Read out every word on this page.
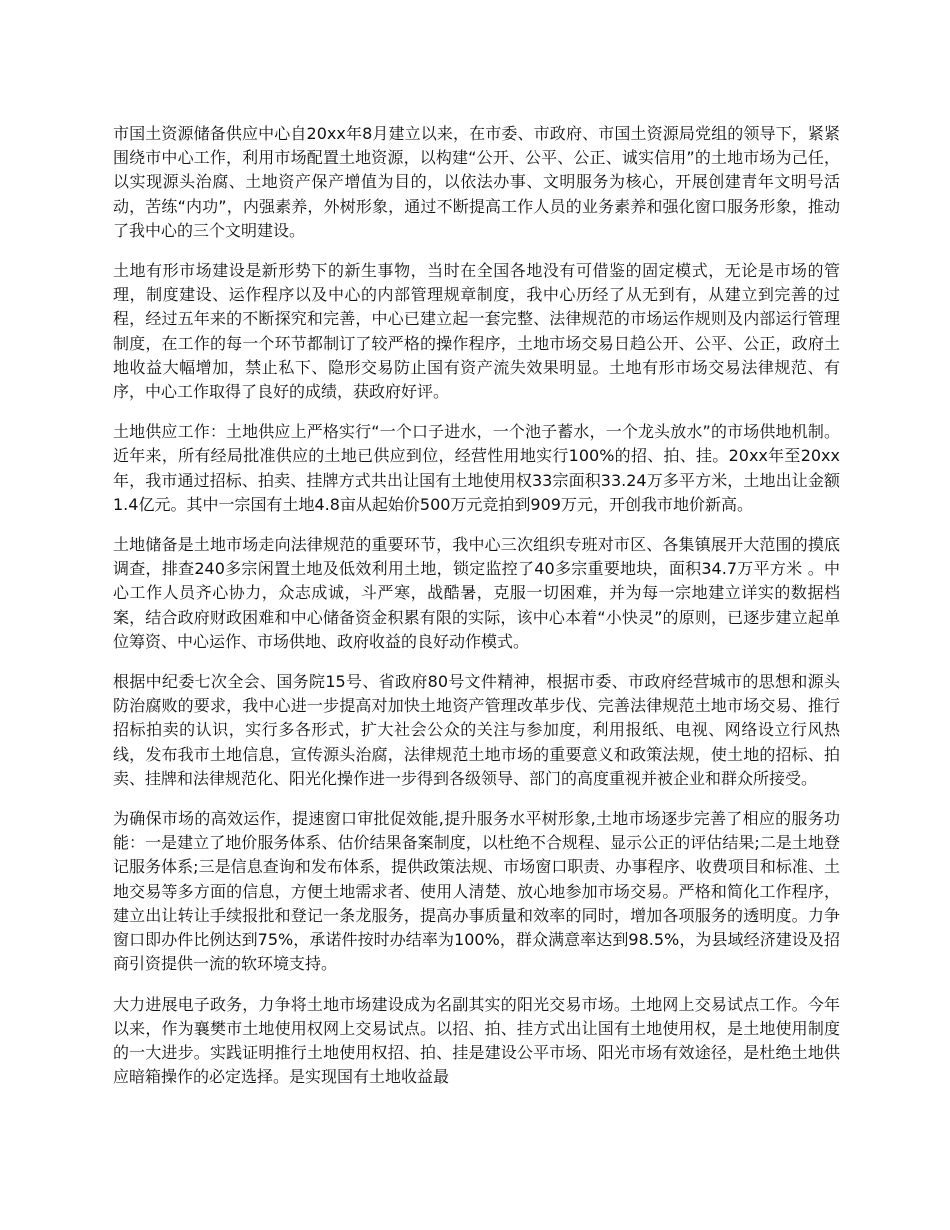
市国土资源储备供应中心自20xx年8月建立以来，在市委、市政府、市国土资源局党组的领导下，紧紧围绕市中心工作，利用市场配置土地资源，以构建“公开、公平、公正、诚实信用”的土地市场为己任，以实现源头治腐、土地资产保产增值为目的，以依法办事、文明服务为核心，开展创建青年文明号活动，苦练“内功”，内强素养，外树形象，通过不断提高工作人员的业务素养和强化窗口服务形象，推动了我中心的三个文明建设。

土地有形市场建设是新形势下的新生事物，当时在全国各地没有可借鉴的固定模式，无论是市场的管理，制度建设、运作程序以及中心的内部管理规章制度，我中心历经了从无到有，从建立到完善的过程，经过五年来的不断探究和完善，中心已建立起一套完整、法律规范的市场运作规则及内部运行管理制度，在工作的每一个环节都制订了较严格的操作程序，土地市场交易日趋公开、公平、公正，政府土地收益大幅增加，禁止私下、隐形交易防止国有资产流失效果明显。土地有形市场交易法律规范、有序，中心工作取得了良好的成绩，获政府好评。

土地供应工作：土地供应上严格实行“一个口子进水，一个池子蓄水，一个龙头放水”的市场供地机制。近年来，所有经局批准供应的土地已供应到位，经营性用地实行100%的招、拍、挂。20xx年至20xx年，我市通过招标、拍卖、挂牌方式共出让国有土地使用权33宗面积33.24万多平方米，土地出让金额1.4亿元。其中一宗国有土地4.8亩从起始价500万元竞拍到909万元，开创我市地价新高。

土地储备是土地市场走向法律规范的重要环节，我中心三次组织专班对市区、各集镇展开大范围的摸底调查，排查240多宗闲置土地及低效利用土地，锁定监控了40多宗重要地块，面积34.7万平方米 。中心工作人员齐心协力，众志成诚，斗严寒，战酷暑，克服一切困难，并为每一宗地建立详实的数据档案，结合政府财政困难和中心储备资金积累有限的实际，该中心本着“小快灵”的原则，已逐步建立起单位筹资、中心运作、市场供地、政府收益的良好动作模式。

根据中纪委七次全会、国务院15号、省政府80号文件精神，根据市委、市政府经营城市的思想和源头防治腐败的要求，我中心进一步提高对加快土地资产管理改革步伐、完善法律规范土地市场交易、推行招标拍卖的认识，实行多各形式，扩大社会公众的关注与参加度，利用报纸、电视、网络设立行风热线，发布我市土地信息，宣传源头治腐，法律规范土地市场的重要意义和政策法规，使土地的招标、拍卖、挂牌和法律规范化、阳光化操作进一步得到各级领导、部门的高度重视并被企业和群众所接受。

为确保市场的高效运作，提速窗口审批促效能,提升服务水平树形象,土地市场逐步完善了相应的服务功能：一是建立了地价服务体系、估价结果备案制度，以杜绝不合规程、显示公正的评估结果;二是土地登记服务体系;三是信息查询和发布体系，提供政策法规、市场窗口职责、办事程序、收费项目和标准、土地交易等多方面的信息，方便土地需求者、使用人清楚、放心地参加市场交易。严格和简化工作程序，建立出让转让手续报批和登记一条龙服务，提高办事质量和效率的同时，增加各项服务的透明度。力争窗口即办件比例达到75%，承诺件按时办结率为100%，群众满意率达到98.5%，为县域经济建设及招商引资提供一流的软环境支持。

大力进展电子政务，力争将土地市场建设成为名副其实的阳光交易市场。土地网上交易试点工作。今年以来，作为襄樊市土地使用权网上交易试点。以招、拍、挂方式出让国有土地使用权，是土地使用制度的一大进步。实践证明推行土地使用权招、拍、挂是建设公平市场、阳光市场有效途径，是杜绝土地供应暗箱操作的必定选择。是实现国有土地收益最
